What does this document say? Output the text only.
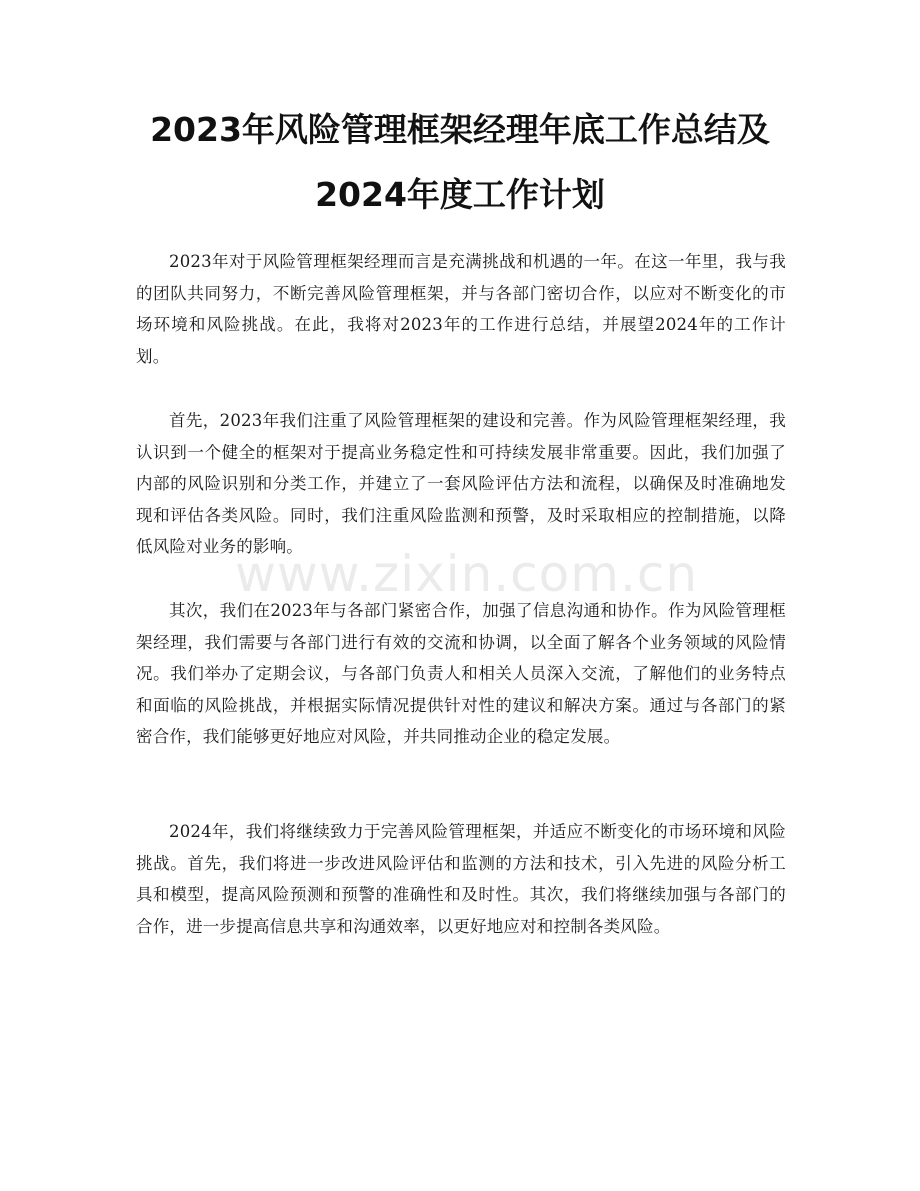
2023年风险管理框架经理年底工作总结及
2024年度工作计划

2023年对于风险管理框架经理而言是充满挑战和机遇的一年。在这一年里，我与我的团队共同努力，不断完善风险管理框架，并与各部门密切合作，以应对不断变化的市场环境和风险挑战。在此，我将对2023年的工作进行总结，并展望2024年的工作计划。

首先，2023年我们注重了风险管理框架的建设和完善。作为风险管理框架经理，我认识到一个健全的框架对于提高业务稳定性和可持续发展非常重要。因此，我们加强了内部的风险识别和分类工作，并建立了一套风险评估方法和流程，以确保及时准确地发现和评估各类风险。同时，我们注重风险监测和预警，及时采取相应的控制措施，以降低风险对业务的影响。

其次，我们在2023年与各部门紧密合作，加强了信息沟通和协作。作为风险管理框架经理，我们需要与各部门进行有效的交流和协调，以全面了解各个业务领域的风险情况。我们举办了定期会议，与各部门负责人和相关人员深入交流，了解他们的业务特点和面临的风险挑战，并根据实际情况提供针对性的建议和解决方案。通过与各部门的紧密合作，我们能够更好地应对风险，并共同推动企业的稳定发展。

2024年，我们将继续致力于完善风险管理框架，并适应不断变化的市场环境和风险挑战。首先，我们将进一步改进风险评估和监测的方法和技术，引入先进的风险分析工具和模型，提高风险预测和预警的准确性和及时性。其次，我们将继续加强与各部门的合作，进一步提高信息共享和沟通效率，以更好地应对和控制各类风险。

www.zixin.com.cn
